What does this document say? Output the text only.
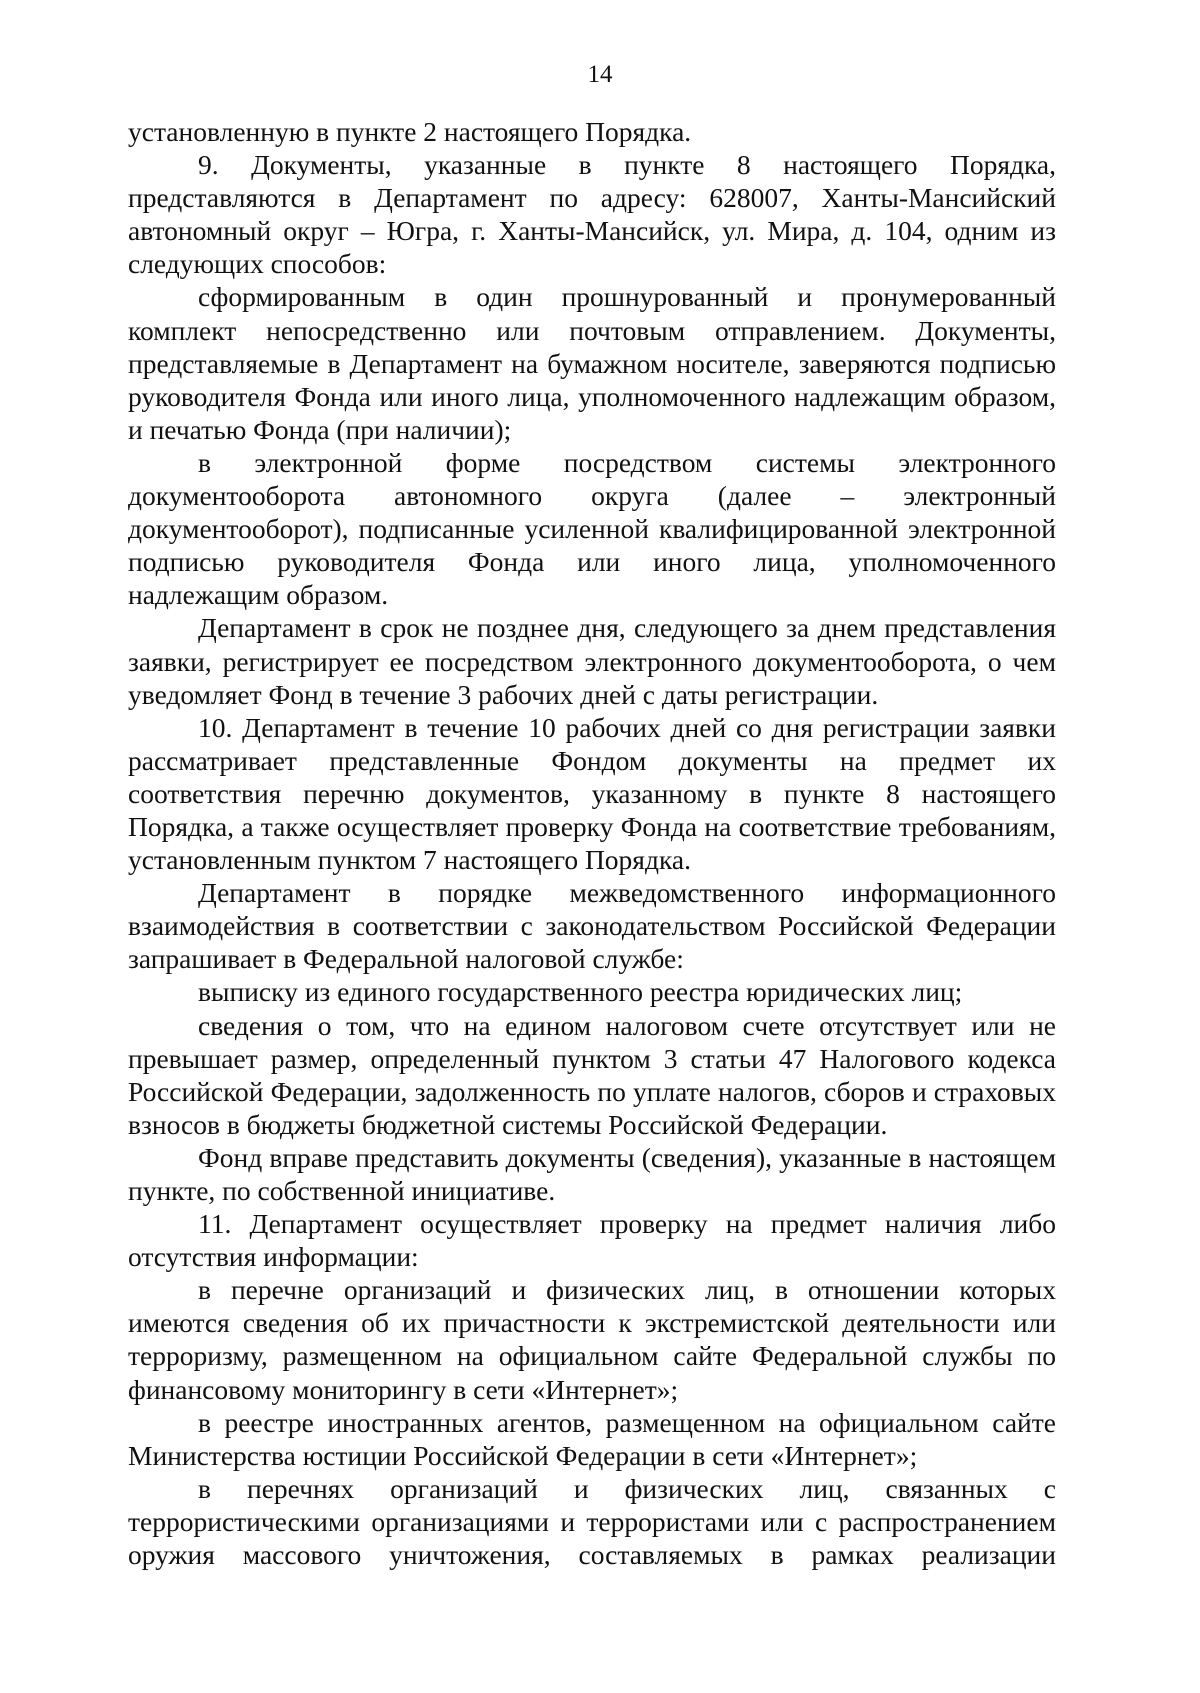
14

установленную в пункте 2 настоящего Порядка.

9. Документы, указанные в пункте 8 настоящего Порядка, представляются в Департамент по адресу: 628007, Ханты-Мансийский автономный округ – Югра, г. Ханты-Мансийск, ул. Мира, д. 104, одним из следующих способов:

сформированным в один прошнурованный и пронумерованный комплект непосредственно или почтовым отправлением. Документы, представляемые в Департамент на бумажном носителе, заверяются подписью руководителя Фонда или иного лица, уполномоченного надлежащим образом, и печатью Фонда (при наличии);

в электронной форме посредством системы электронного документооборота автономного округа (далее – электронный документооборот), подписанные усиленной квалифицированной электронной подписью руководителя Фонда или иного лица, уполномоченного надлежащим образом.

Департамент в срок не позднее дня, следующего за днем представления заявки, регистрирует ее посредством электронного документооборота, о чем уведомляет Фонд в течение 3 рабочих дней с даты регистрации.

10. Департамент в течение 10 рабочих дней со дня регистрации заявки рассматривает представленные Фондом документы на предмет их соответствия перечню документов, указанному в пункте 8 настоящего Порядка, а также осуществляет проверку Фонда на соответствие требованиям, установленным пунктом 7 настоящего Порядка.

Департамент в порядке межведомственного информационного взаимодействия в соответствии с законодательством Российской Федерации запрашивает в Федеральной налоговой службе:

выписку из единого государственного реестра юридических лиц;

сведения о том, что на едином налоговом счете отсутствует или не превышает размер, определенный пунктом 3 статьи 47 Налогового кодекса Российской Федерации, задолженность по уплате налогов, сборов и страховых взносов в бюджеты бюджетной системы Российской Федерации.

Фонд вправе представить документы (сведения), указанные в настоящем пункте, по собственной инициативе.

11. Департамент осуществляет проверку на предмет наличия либо отсутствия информации:

в перечне организаций и физических лиц, в отношении которых имеются сведения об их причастности к экстремистской деятельности или терроризму, размещенном на официальном сайте Федеральной службы по финансовому мониторингу в сети «Интернет»;

в реестре иностранных агентов, размещенном на официальном сайте Министерства юстиции Российской Федерации в сети «Интернет»;

в перечнях организаций и физических лиц, связанных с террористическими организациями и террористами или с распространением оружия массового уничтожения, составляемых в рамках реализации
